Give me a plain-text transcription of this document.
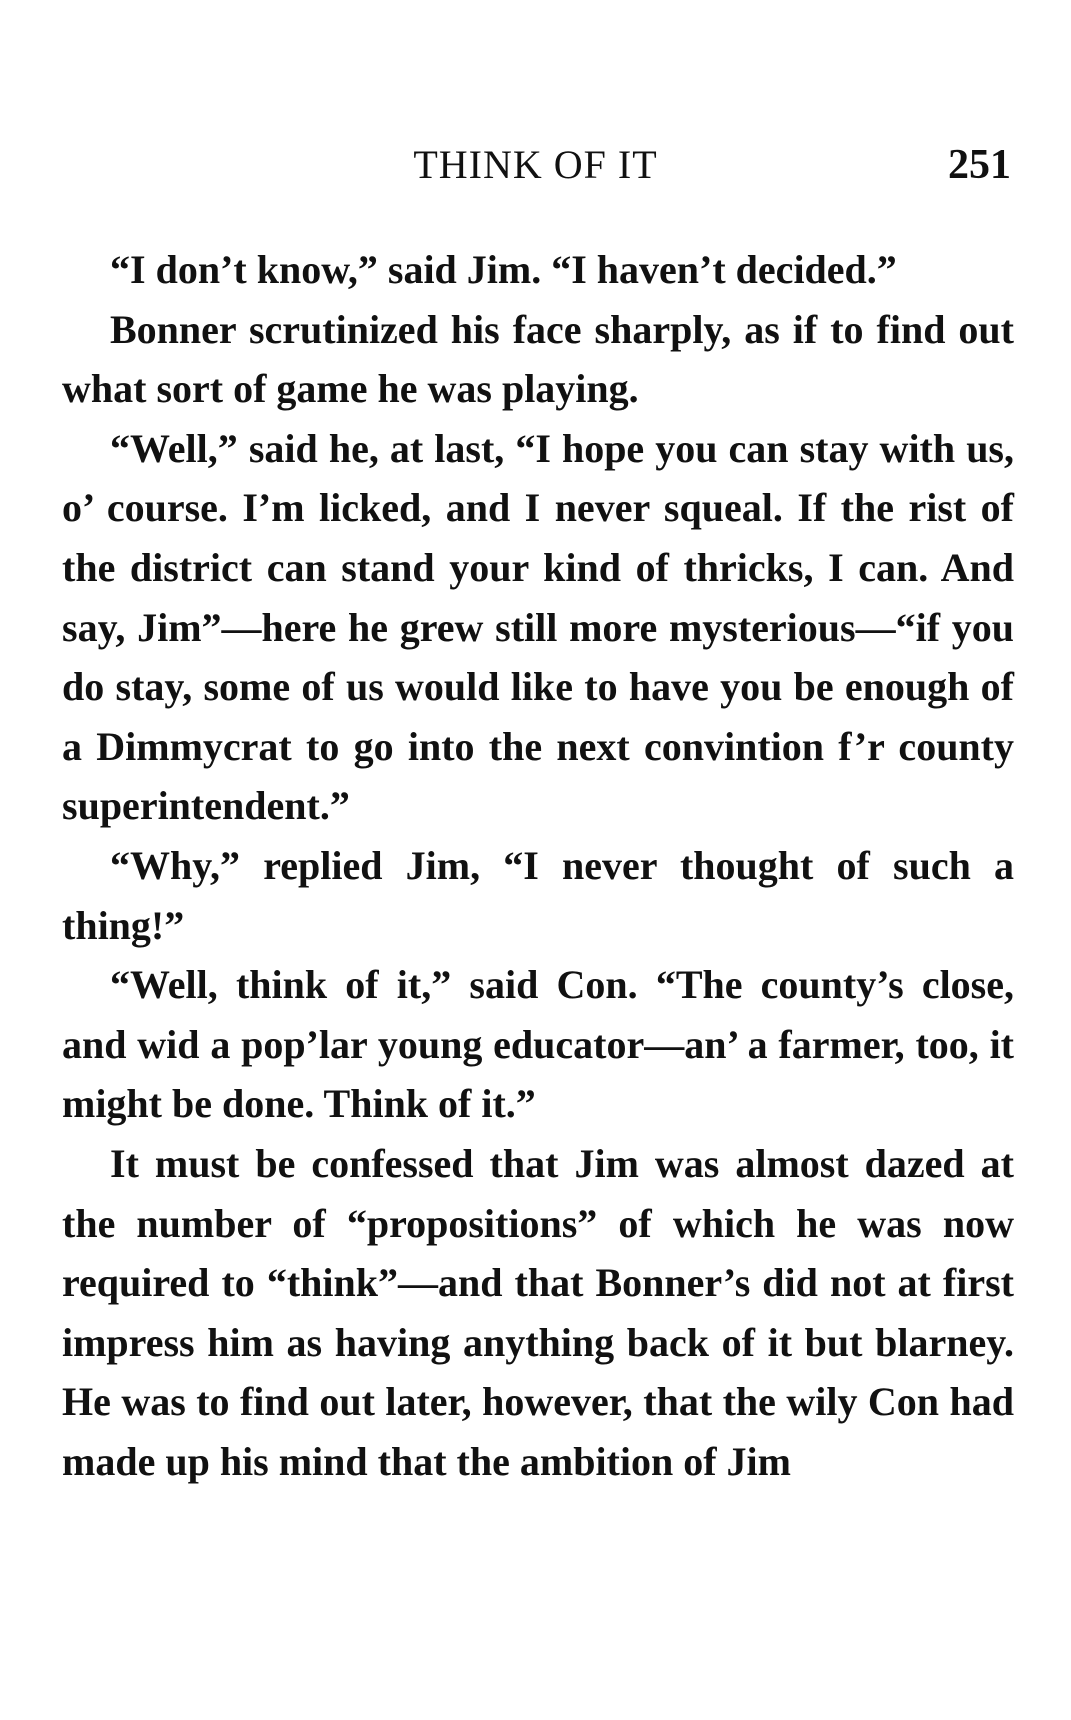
THINK OF IT	251

“I don’t know,” said Jim. “I haven’t decided.”

Bonner scrutinized his face sharply, as if to find out what sort of game he was playing.

“Well,” said he, at last, “I hope you can stay with us, o’ course. I’m licked, and I never squeal. If the rist of the district can stand your kind of thricks, I can. And say, Jim”—here he grew still more mysterious—“if you do stay, some of us would like to have you be enough of a Dimmycrat to go into the next convintion f’r county superintendent.”

“Why,” replied Jim, “I never thought of such a thing!”

“Well, think of it,” said Con. “The county’s close, and wid a pop’lar young educator—an’ a farmer, too, it might be done. Think of it.”

It must be confessed that Jim was almost dazed at the number of “propositions” of which he was now required to “think”—and that Bonner’s did not at first impress him as having anything back of it but blarney. He was to find out later, however, that the wily Con had made up his mind that the ambition of Jim
